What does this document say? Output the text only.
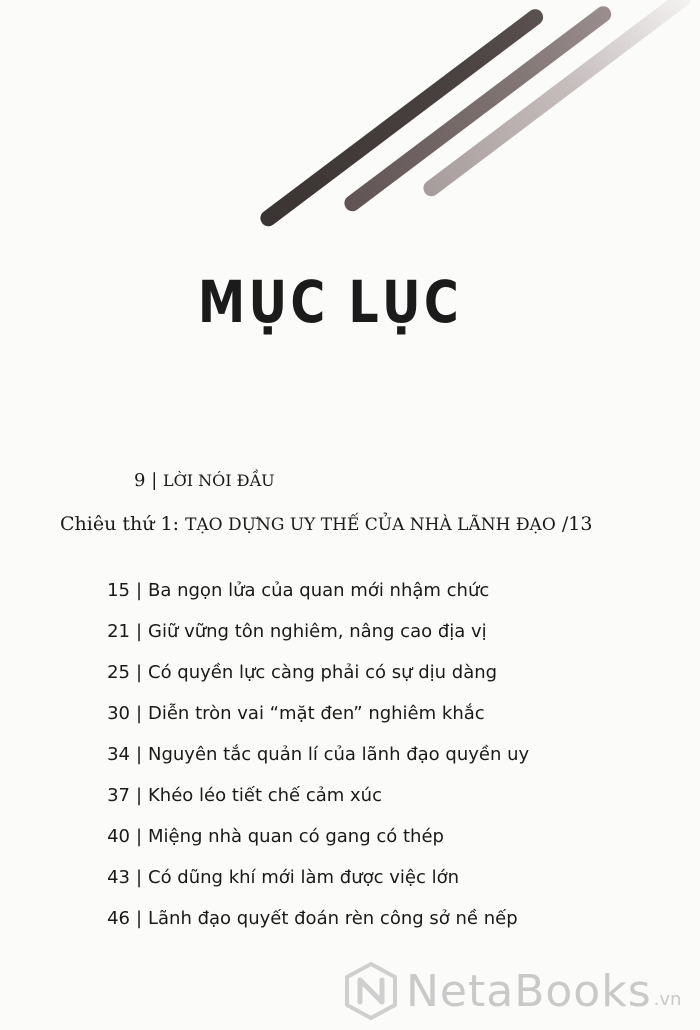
MỤC LỤC
9 | LỜI NÓI ĐẦU
Chiêu thứ 1: TẠO DỰNG UY THẾ CỦA NHÀ LÃNH ĐẠO /13
15 | Ba ngọn lửa của quan mới nhậm chức
21 | Giữ vững tôn nghiêm, nâng cao địa vị
25 | Có quyền lực càng phải có sự dịu dàng
30 | Diễn tròn vai “mặt đen” nghiêm khắc
34 | Nguyên tắc quản lí của lãnh đạo quyền uy
37 | Khéo léo tiết chế cảm xúc
40 | Miệng nhà quan có gang có thép
43 | Có dũng khí mới làm được việc lớn
46 | Lãnh đạo quyết đoán rèn công sở nề nếp
NetaBooks .vn
